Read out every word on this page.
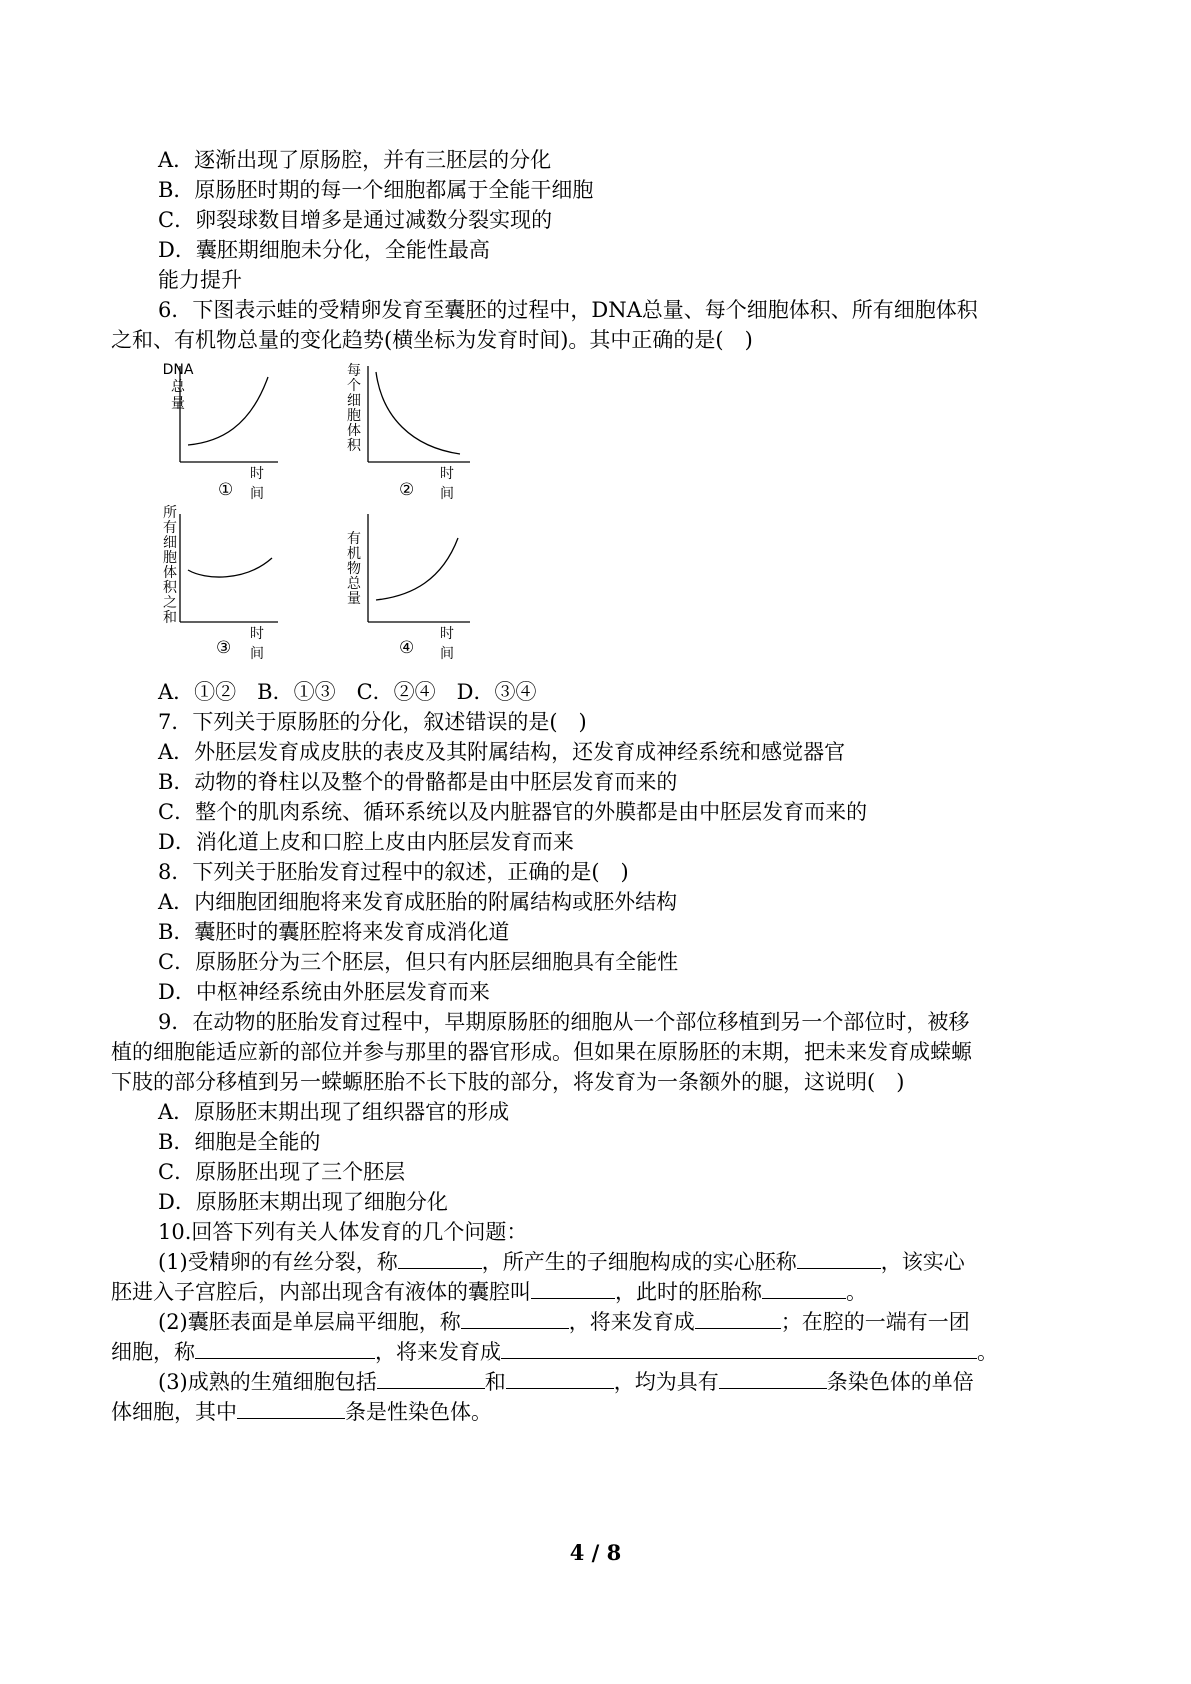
A．逐渐出现了原肠腔，并有三胚层的分化
B．原肠胚时期的每一个细胞都属于全能干细胞
C．卵裂球数目增多是通过减数分裂实现的
D．囊胚期细胞未分化，全能性最高
能力提升
6．下图表示蛙的受精卵发育至囊胚的过程中，DNA总量、每个细胞体积、所有细胞体积
之和、有机物总量的变化趋势(横坐标为发育时间)。其中正确的是(　)
DNA
总
量
时间
①
每
个
细
胞
体
积
时间
②
所
有
细
胞
体
积
之
和
时间
③
有
机
物
总
量
时间
④
A．①②　B．①③　C．②④　D．③④
7．下列关于原肠胚的分化，叙述错误的是(　)
A．外胚层发育成皮肤的表皮及其附属结构，还发育成神经系统和感觉器官
B．动物的脊柱以及整个的骨骼都是由中胚层发育而来的
C．整个的肌肉系统、循环系统以及内脏器官的外膜都是由中胚层发育而来的
D．消化道上皮和口腔上皮由内胚层发育而来
8．下列关于胚胎发育过程中的叙述，正确的是(　)
A．内细胞团细胞将来发育成胚胎的附属结构或胚外结构
B．囊胚时的囊胚腔将来发育成消化道
C．原肠胚分为三个胚层，但只有内胚层细胞具有全能性
D．中枢神经系统由外胚层发育而来
9．在动物的胚胎发育过程中，早期原肠胚的细胞从一个部位移植到另一个部位时，被移
植的细胞能适应新的部位并参与那里的器官形成。但如果在原肠胚的末期，把未来发育成蝾螈
下肢的部分移植到另一蝾螈胚胎不长下肢的部分，将发育为一条额外的腿，这说明(　)
A．原肠胚末期出现了组织器官的形成
B．细胞是全能的
C．原肠胚出现了三个胚层
D．原肠胚末期出现了细胞分化
10.回答下列有关人体发育的几个问题：
(1)受精卵的有丝分裂，称	，所产生的子细胞构成的实心胚称	，该实心
胚进入子宫腔后，内部出现含有液体的囊腔叫	，此时的胚胎称	。
(2)囊胚表面是单层扁平细胞，称	，将来发育成	；在腔的一端有一团
细胞，称	，将来发育成	。
(3)成熟的生殖细胞包括	和	，均为具有	条染色体的单倍
体细胞，其中	条是性染色体。
4 / 8
